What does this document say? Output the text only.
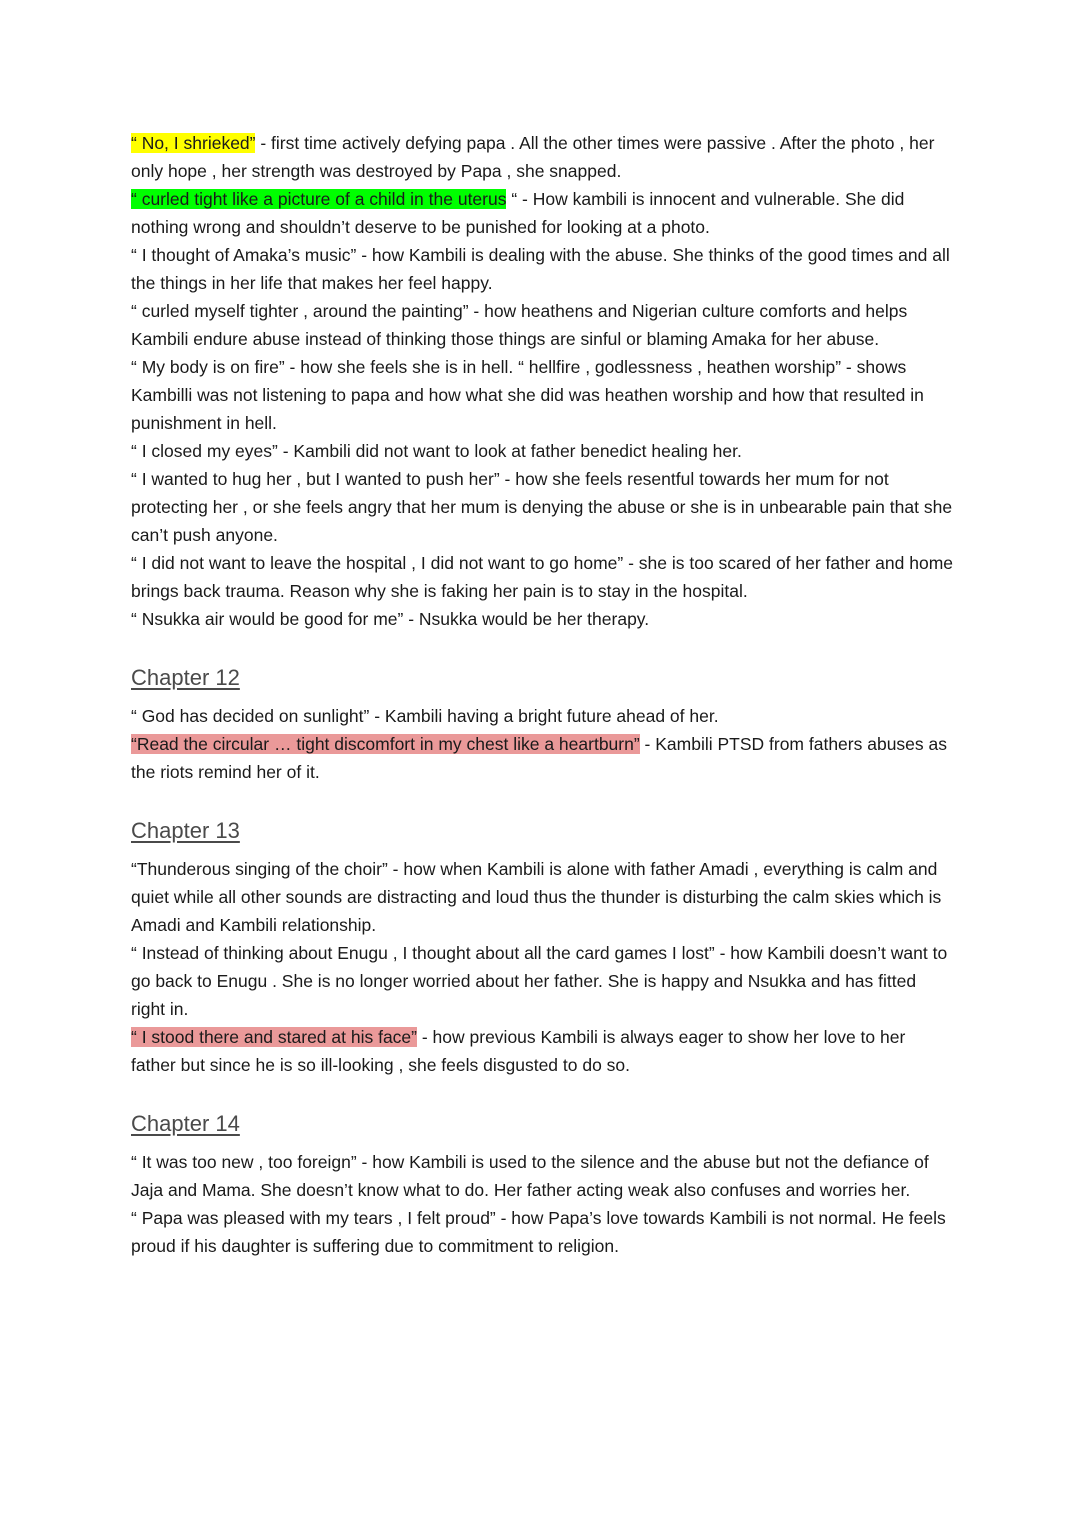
“ No, I shrieked” - first time actively defying papa . All the other times were passive . After the photo , her only hope , her strength was destroyed by Papa , she snapped.

“ curled tight like a picture of a child in the uterus “ - How kambili is innocent and vulnerable. She did nothing wrong and shouldn’t deserve to be punished for looking at a photo.

“ I thought of Amaka’s music” - how Kambili is dealing with the abuse. She thinks of the good times and all the things in her life that makes her feel happy.

“ curled myself tighter , around the painting” - how heathens and Nigerian culture comforts and helps Kambili endure abuse instead of thinking those things are sinful or blaming Amaka for her abuse.

“ My body is on fire” - how she feels she is in hell. “ hellfire , godlessness , heathen worship” - shows Kambilli was not listening to papa and how what she did was heathen worship and how that resulted in punishment in hell.

“ I closed my eyes” - Kambili did not want to look at father benedict healing her.

“ I wanted to hug her , but I wanted to push her” - how she feels resentful towards her mum for not protecting her , or she feels angry that her mum is denying the abuse or she is in unbearable pain that she can’t push anyone.

“ I did not want to leave the hospital , I did not want to go home” - she is too scared of her father and home brings back trauma. Reason why she is faking her pain is to stay in the hospital.

“ Nsukka air would be good for me” - Nsukka would be her therapy.

Chapter 12

“ God has decided on sunlight” - Kambili having a bright future ahead of her.

“Read the circular … tight discomfort in my chest like a heartburn” - Kambili PTSD from fathers abuses as the riots remind her of it.

Chapter 13

“Thunderous singing of the choir” - how when Kambili is alone with father Amadi , everything is calm and quiet while all other sounds are distracting and loud thus the thunder is disturbing the calm skies which is Amadi and Kambili relationship.

“ Instead of thinking about Enugu , I thought about all the card games I lost” - how Kambili doesn’t want to go back to Enugu . She is no longer worried about her father. She is happy and Nsukka and has fitted right in.

“ I stood there and stared at his face” - how previous Kambili is always eager to show her love to her father but since he is so ill-looking , she feels disgusted to do so.

Chapter 14

“ It was too new , too foreign” - how Kambili is used to the silence and the abuse but not the defiance of Jaja and Mama. She doesn’t know what to do. Her father acting weak also confuses and worries her.

“ Papa was pleased with my tears , I felt proud” - how Papa’s love towards Kambili is not normal. He feels proud if his daughter is suffering due to commitment to religion.
